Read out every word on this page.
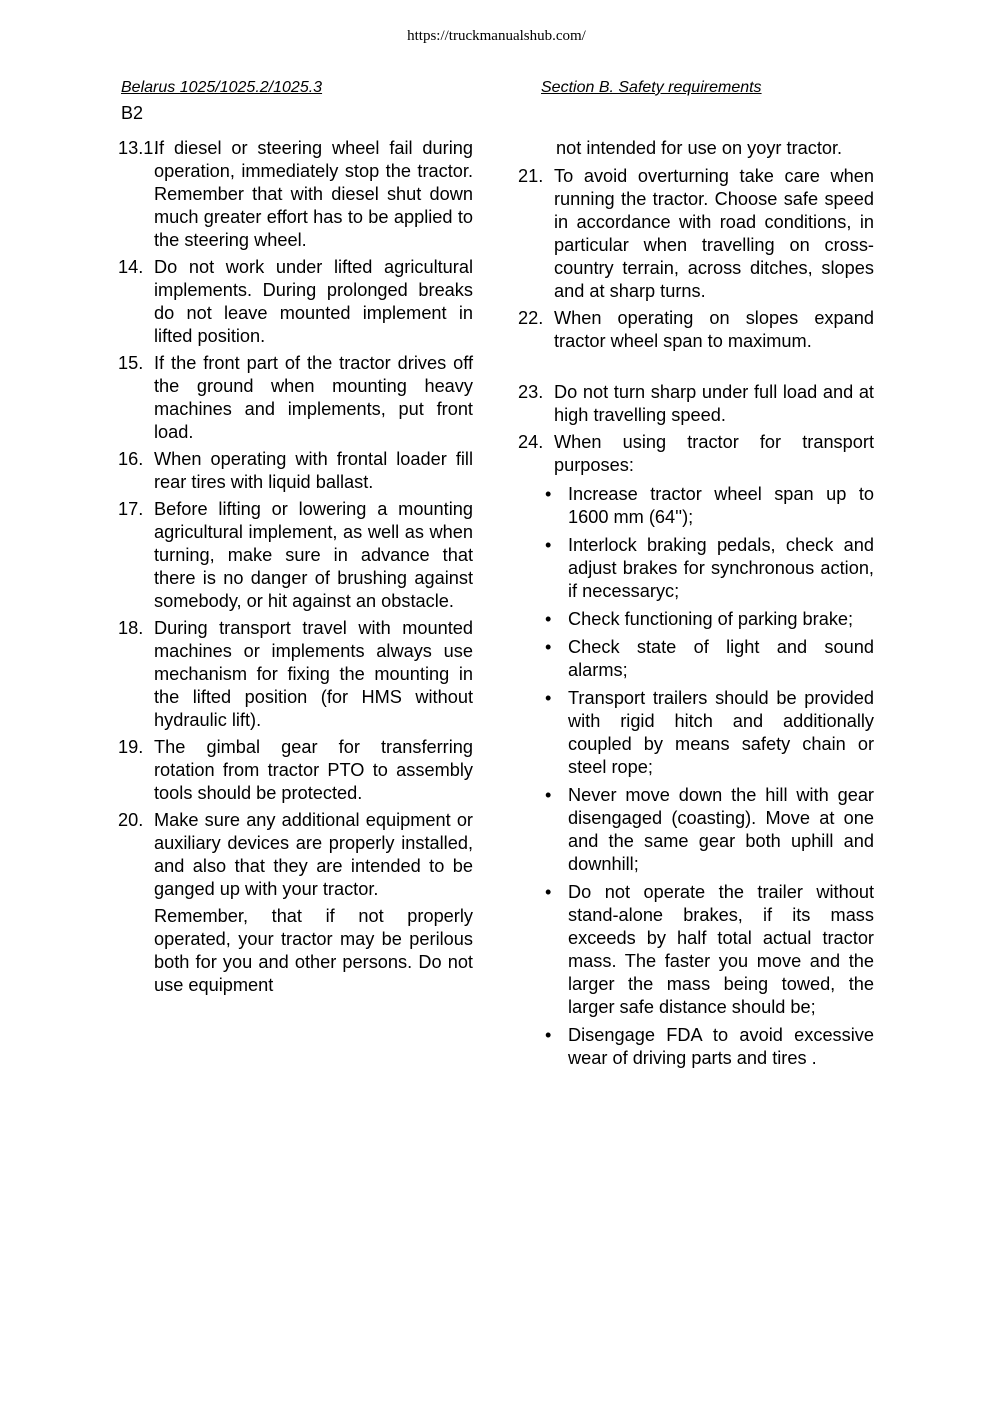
https://truckmanualshub.com/
Belarus 1025/1025.2/1025.3	Section B. Safety requirements
B2
13.1.
If diesel or steering wheel fail during operation, immediately stop the tractor. Remember that with diesel shut down much greater effort has to be applied to the steering wheel.
14. Do not work under lifted agricultural implements. During prolonged breaks do not leave mounted implement in lifted position.
15. If the front part of the tractor drives off the ground when mounting heavy machines and implements, put front load.
16. When operating with frontal loader fill rear tires with liquid ballast.
17. Before lifting or lowering a mounting agricultural implement, as well as when turning, make sure in advance that there is no danger of brushing against somebody, or hit against an obstacle.
18. During transport travel with mounted machines or implements always use mechanism for fixing the mounting in the lifted position (for HMS without hydraulic lift).
19. The gimbal gear for transferring rotation from tractor PTO to assembly tools should be protected.
20. Make sure any additional equipment or auxiliary devices are properly installed, and also that they are intended to be ganged up with your tractor.
Remember, that if not properly operated, your tractor may be perilous both for you and other persons. Do not use equipment
not intended for use on yoyr tractor.
21. To avoid overturning take care when running the tractor. Choose safe speed in accordance with road conditions, in particular when travelling on cross-country terrain, across ditches, slopes and at sharp turns.
22. When operating on slopes expand tractor wheel span to maximum.
23. Do not turn sharp under full load and at high travelling speed.
24. When using tractor for transport purposes:
• Increase tractor wheel span up to 1600 mm (64'');
• Interlock braking pedals, check and adjust brakes for synchronous action, if necessaryc;
• Check functioning of parking brake;
• Check state of light and sound alarms;
• Transport trailers should be provided with rigid hitch and additionally coupled by means safety chain or steel rope;
• Never move down the hill with gear disengaged (coasting). Move at one and the same gear both uphill and downhill;
• Do not operate the trailer without stand-alone brakes, if its mass exceeds by half total actual tractor mass. The faster you move and the larger the mass being towed, the larger safe distance should be;
• Disengage FDA to avoid excessive wear of driving parts and tires .
